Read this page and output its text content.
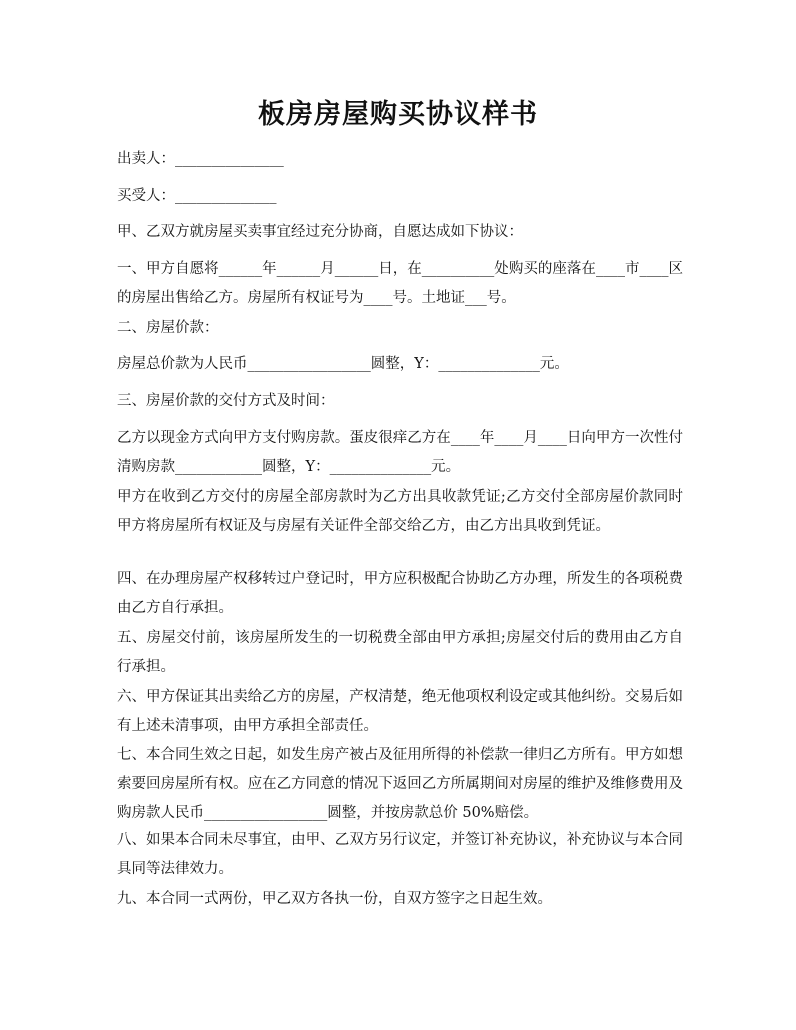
板房房屋购买协议样书

出卖人：_______________

买受人：______________

甲、乙双方就房屋买卖事宜经过充分协商，自愿达成如下协议：

一、甲方自愿将______年______月______日，在__________处购买的座落在____市____区的房屋出售给乙方。房屋所有权证号为____号。土地证___号。

二、房屋价款：

房屋总价款为人民币_________________圆整，Y：______________元。

三、房屋价款的交付方式及时间：

乙方以现金方式向甲方支付购房款。蛋皮很痒乙方在____年____月____日向甲方一次性付清购房款____________圆整，Y：______________元。

甲方在收到乙方交付的房屋全部房款时为乙方出具收款凭证;乙方交付全部房屋价款同时甲方将房屋所有权证及与房屋有关证件全部交给乙方，由乙方出具收到凭证。

四、在办理房屋产权移转过户登记时，甲方应积极配合协助乙方办理，所发生的各项税费由乙方自行承担。

五、房屋交付前，该房屋所发生的一切税费全部由甲方承担;房屋交付后的费用由乙方自行承担。

六、甲方保证其出卖给乙方的房屋，产权清楚，绝无他项权利设定或其他纠纷。交易后如有上述未清事项，由甲方承担全部责任。

七、本合同生效之日起，如发生房产被占及征用所得的补偿款一律归乙方所有。甲方如想索要回房屋所有权。应在乙方同意的情况下返回乙方所属期间对房屋的维护及维修费用及购房款人民币_________________圆整，并按房款总价 50%赔偿。

八、如果本合同未尽事宜，由甲、乙双方另行议定，并签订补充协议，补充协议与本合同具同等法律效力。

九、本合同一式两份，甲乙双方各执一份，自双方签字之日起生效。
